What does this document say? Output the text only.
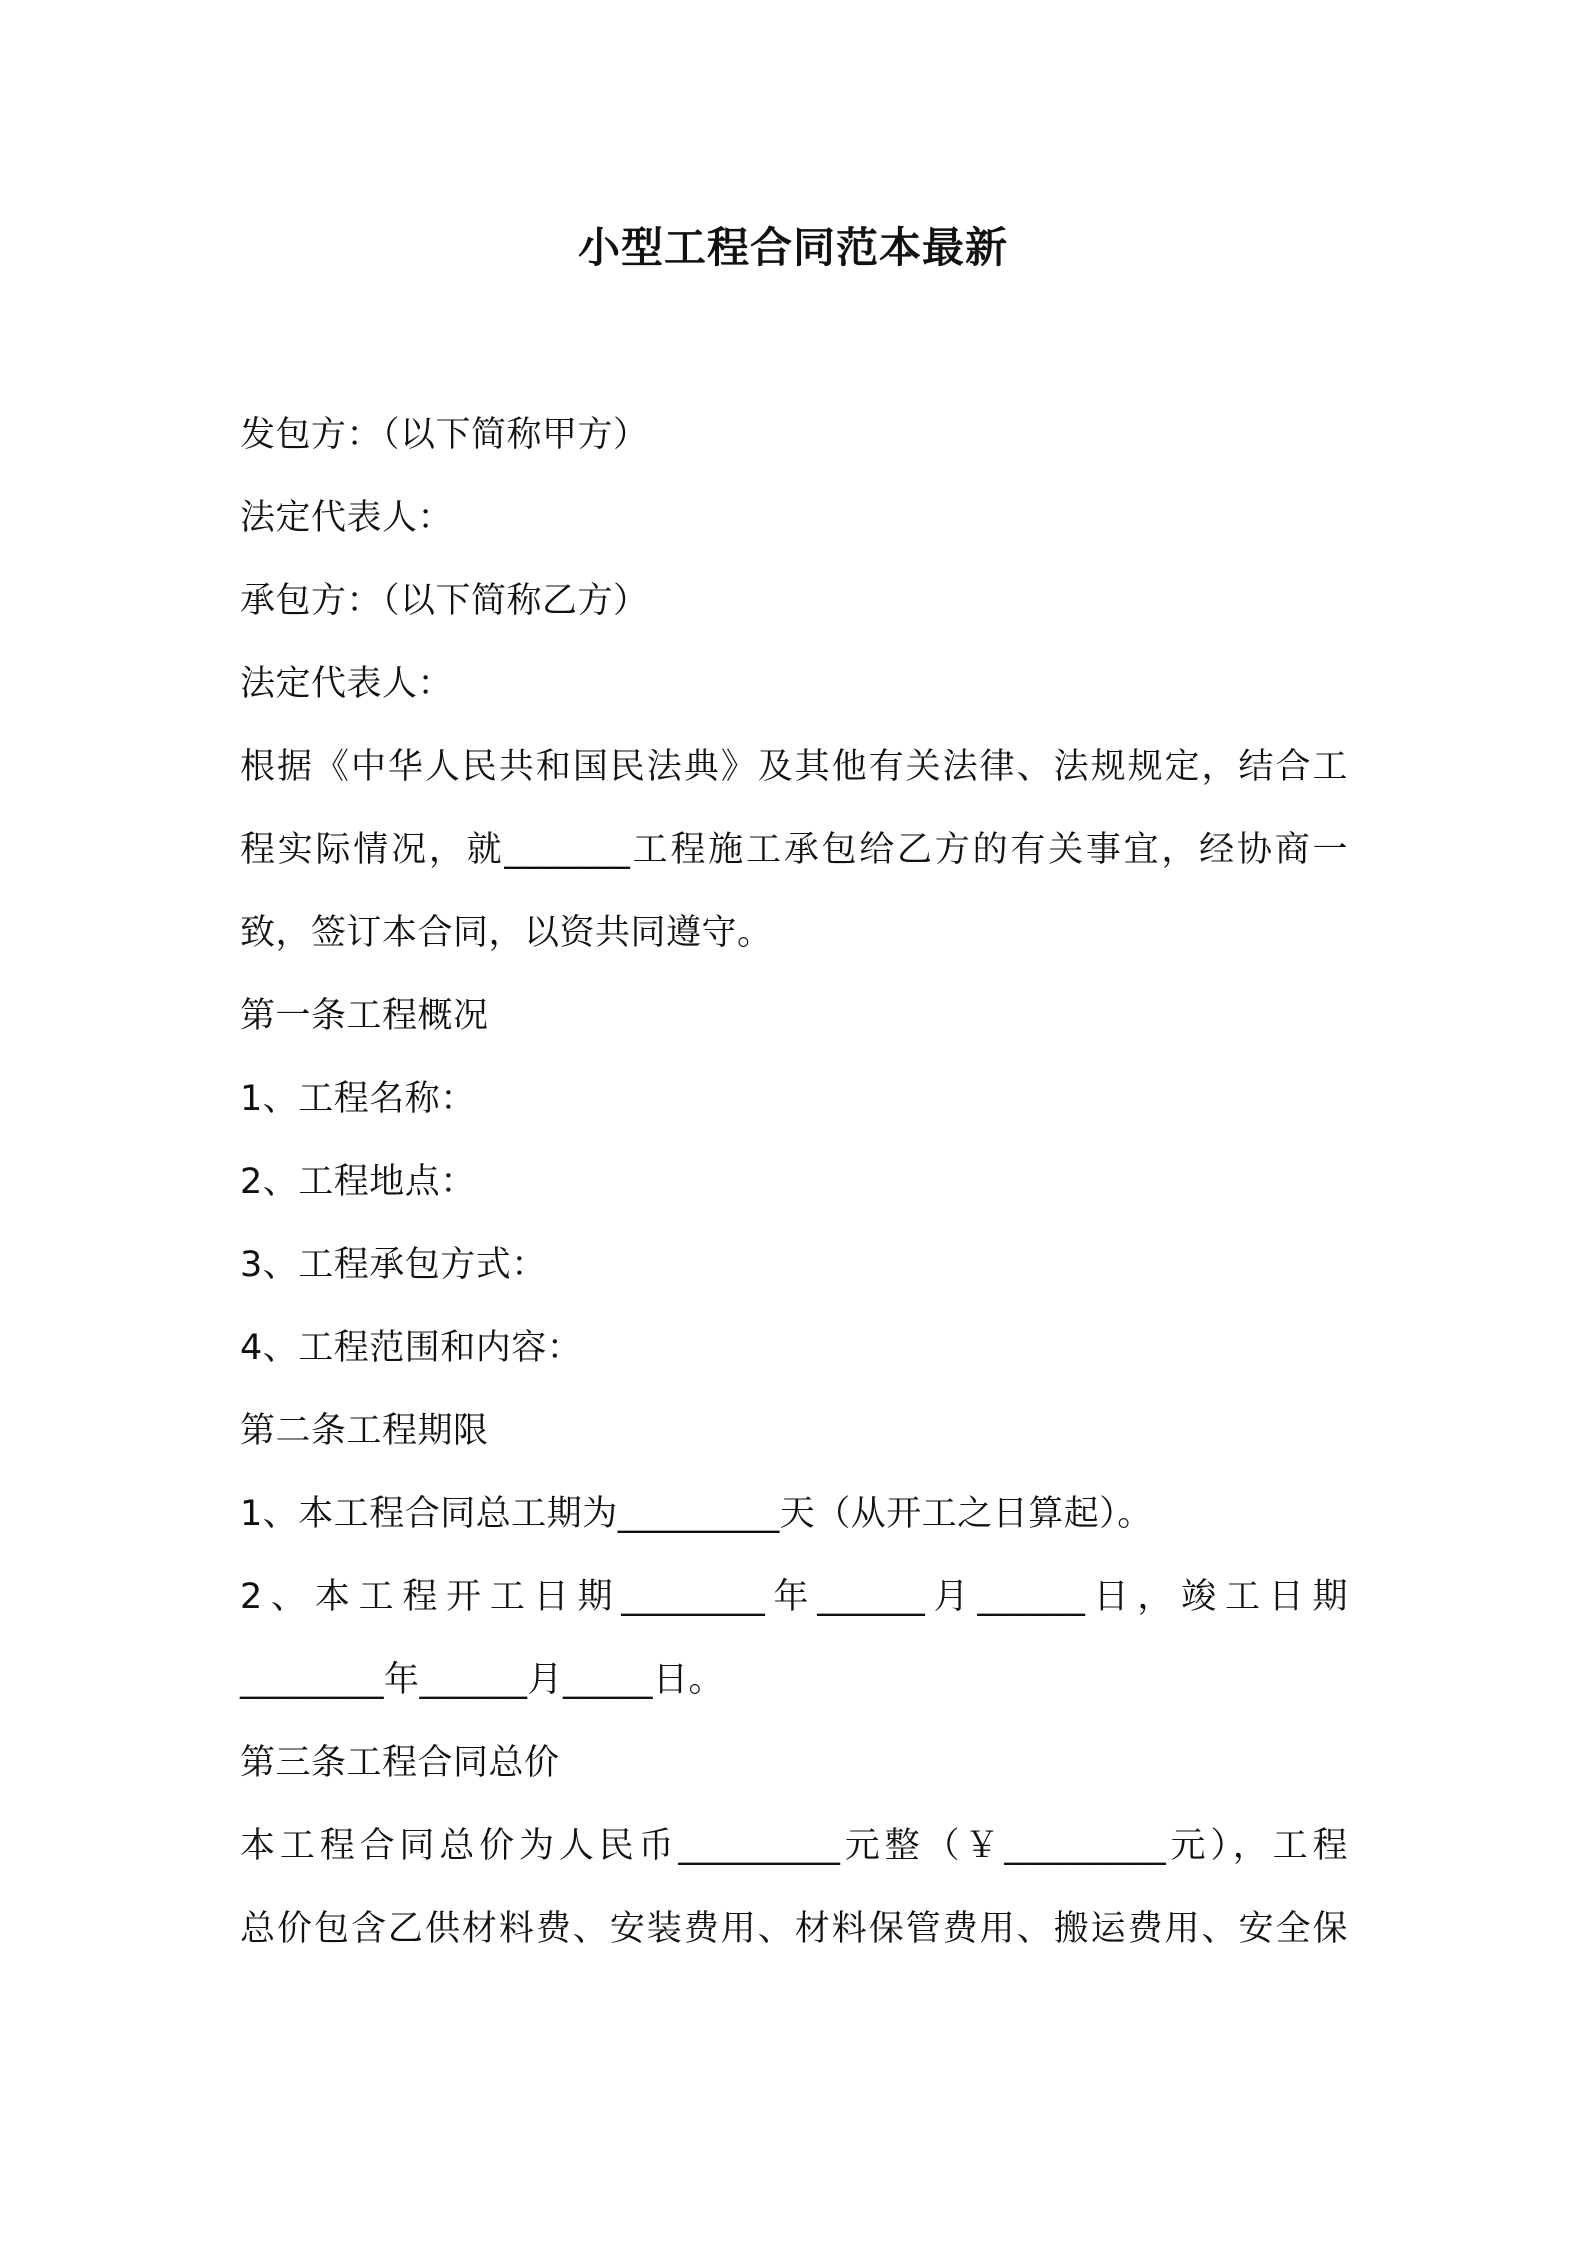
小型工程合同范本最新

发包方：（以下简称甲方）

法定代表人：

承包方：（以下简称乙方）

法定代表人：

根据《中华人民共和国民法典》及其他有关法律、法规规定，结合工

程实际情况，就_______工程施工承包给乙方的有关事宜，经协商一

致，签订本合同，以资共同遵守。

第一条工程概况

1、工程名称：

2、工程地点：

3、工程承包方式：

4、工程范围和内容：

第二条工程期限

1、本工程合同总工期为_________天（从开工之日算起）。

2、本工程开工日期________年______月______日，竣工日期

________年______月_____日。

第三条工程合同总价

本工程合同总价为人民币_________元整（￥_________元），工程

总价包含乙供材料费、安装费用、材料保管费用、搬运费用、安全保
